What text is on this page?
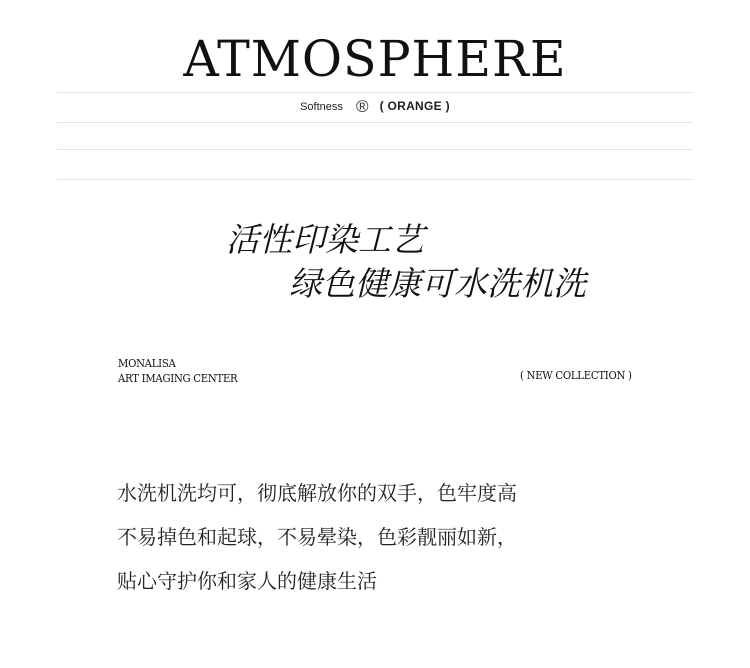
ATMOSPHERE
Softness ® ( ORANGE )
活性印染工艺
绿色健康可水洗机洗
MONALISA
ART IMAGING CENTER	( NEW COLLECTION )

水洗机洗均可，彻底解放你的双手，色牢度高

不易掉色和起球，不易晕染，色彩靓丽如新，

贴心守护你和家人的健康生活
